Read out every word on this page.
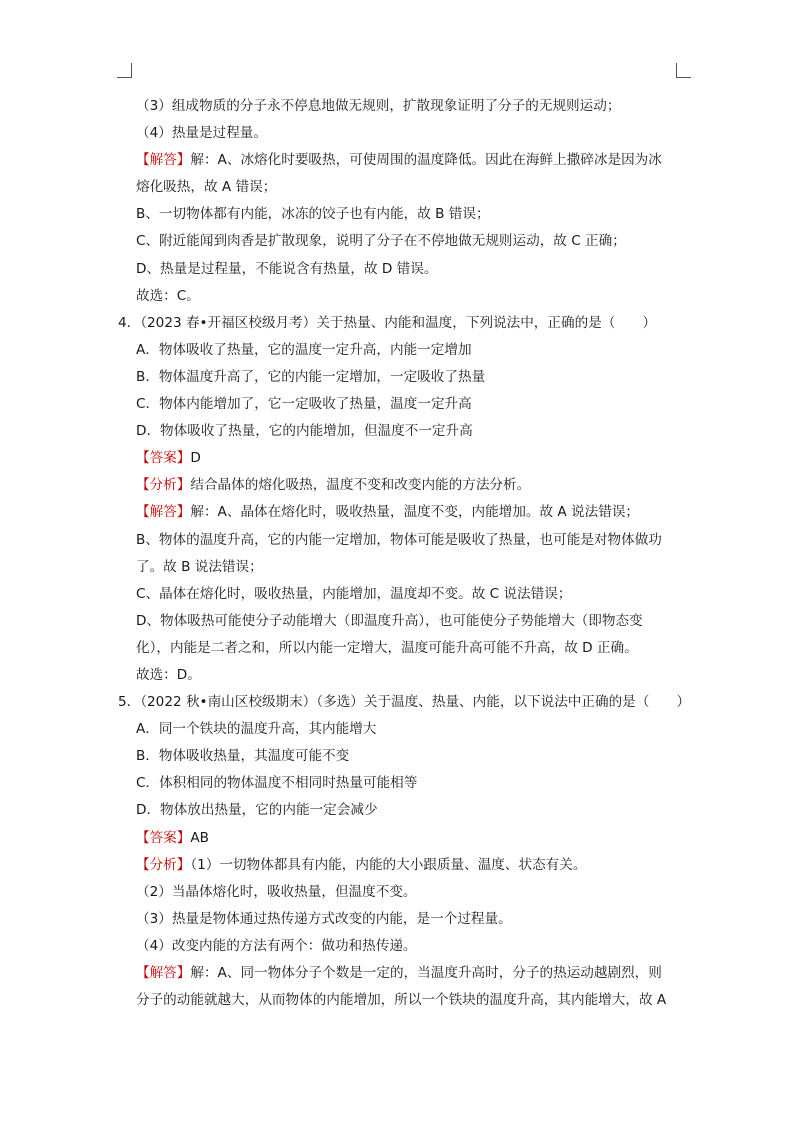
（3）组成物质的分子永不停息地做无规则，扩散现象证明了分子的无规则运动；
（4）热量是过程量。
【解答】解：A、冰熔化时要吸热，可使周围的温度降低。因此在海鲜上撒碎冰是因为冰
熔化吸热，故 A 错误；
B、一切物体都有内能，冰冻的饺子也有内能，故 B 错误；
C、附近能闻到肉香是扩散现象，说明了分子在不停地做无规则运动，故 C 正确；
D、热量是过程量，不能说含有热量，故 D 错误。
故选：C。
4．（2023 春•开福区校级月考）关于热量、内能和温度，下列说法中，正确的是（　　）
A．物体吸收了热量，它的温度一定升高，内能一定增加
B．物体温度升高了，它的内能一定增加，一定吸收了热量
C．物体内能增加了，它一定吸收了热量，温度一定升高
D．物体吸收了热量，它的内能增加，但温度不一定升高
【答案】D
【分析】结合晶体的熔化吸热，温度不变和改变内能的方法分析。
【解答】解：A、晶体在熔化时，吸收热量，温度不变，内能增加。故 A 说法错误；
B、物体的温度升高，它的内能一定增加，物体可能是吸收了热量，也可能是对物体做功
了。故 B 说法错误；
C、晶体在熔化时，吸收热量，内能增加，温度却不变。故 C 说法错误；
D、物体吸热可能使分子动能增大（即温度升高），也可能使分子势能增大（即物态变
化），内能是二者之和，所以内能一定增大，温度可能升高可能不升高，故 D 正确。
故选：D。
5．（2022 秋•南山区校级期末）（多选）关于温度、热量、内能，以下说法中正确的是（　　）
A．同一个铁块的温度升高，其内能增大
B．物体吸收热量，其温度可能不变
C．体积相同的物体温度不相同时热量可能相等
D．物体放出热量，它的内能一定会减少
【答案】AB
【分析】（1）一切物体都具有内能，内能的大小跟质量、温度、状态有关。
（2）当晶体熔化时，吸收热量，但温度不变。
（3）热量是物体通过热传递方式改变的内能，是一个过程量。
（4）改变内能的方法有两个：做功和热传递。
【解答】解：A、同一物体分子个数是一定的，当温度升高时，分子的热运动越剧烈，则
分子的动能就越大，从而物体的内能增加，所以一个铁块的温度升高，其内能增大，故 A
